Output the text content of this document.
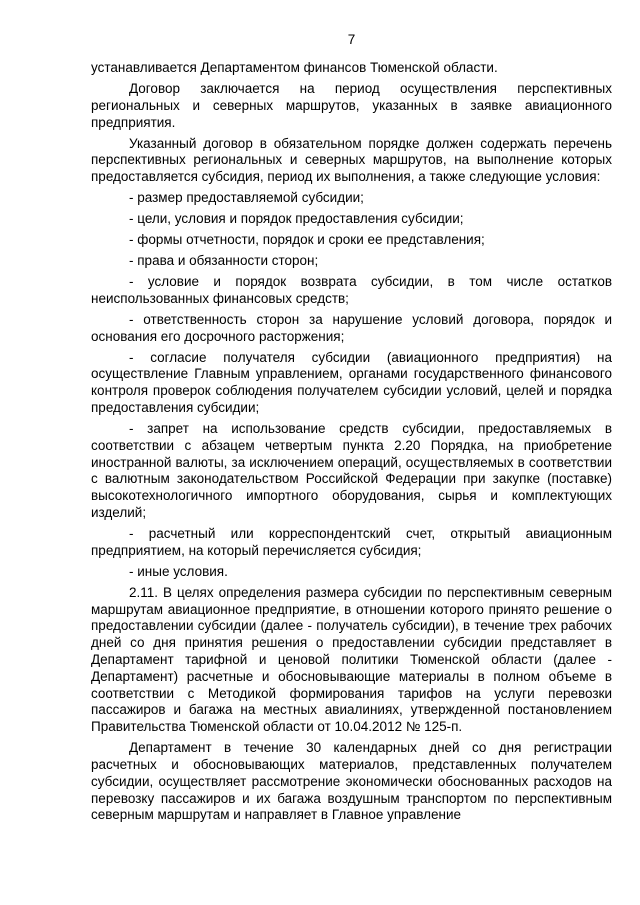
7

устанавливается Департаментом финансов Тюменской области.

Договор заключается на период осуществления перспективных региональных и северных маршрутов, указанных в заявке авиационного предприятия.

Указанный договор в обязательном порядке должен содержать перечень перспективных региональных и северных маршрутов, на выполнение которых предоставляется субсидия, период их выполнения, а также следующие условия:

- размер предоставляемой субсидии;

- цели, условия и порядок предоставления субсидии;

- формы отчетности, порядок и сроки ее представления;

- права и обязанности сторон;

- условие и порядок возврата субсидии, в том числе остатков неиспользованных финансовых средств;

- ответственность сторон за нарушение условий договора, порядок и основания его досрочного расторжения;

- согласие получателя субсидии (авиационного предприятия) на осуществление Главным управлением, органами государственного финансового контроля проверок соблюдения получателем субсидии условий, целей и порядка предоставления субсидии;

- запрет на использование средств субсидии, предоставляемых в соответствии с абзацем четвертым пункта 2.20 Порядка, на приобретение иностранной валюты, за исключением операций, осуществляемых в соответствии с валютным законодательством Российской Федерации при закупке (поставке) высокотехнологичного импортного оборудования, сырья и комплектующих изделий;

- расчетный или корреспондентский счет, открытый авиационным предприятием, на который перечисляется субсидия;

- иные условия.

2.11. В целях определения размера субсидии по перспективным северным маршрутам авиационное предприятие, в отношении которого принято решение о предоставлении субсидии (далее - получатель субсидии), в течение трех рабочих дней со дня принятия решения о предоставлении субсидии представляет в Департамент тарифной и ценовой политики Тюменской области (далее - Департамент) расчетные и обосновывающие материалы в полном объеме в соответствии с Методикой формирования тарифов на услуги перевозки пассажиров и багажа на местных авиалиниях, утвержденной постановлением Правительства Тюменской области от 10.04.2012 № 125-п.

Департамент в течение 30 календарных дней со дня регистрации расчетных и обосновывающих материалов, представленных получателем субсидии, осуществляет рассмотрение экономически обоснованных расходов на перевозку пассажиров и их багажа воздушным транспортом по перспективным северным маршрутам и направляет в Главное управление
